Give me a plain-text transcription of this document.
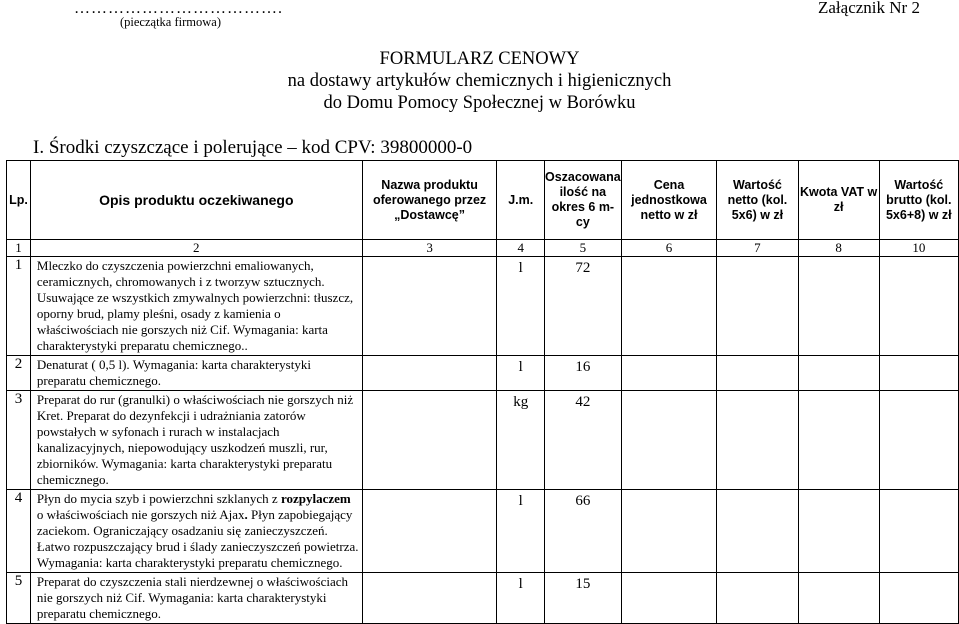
……………………………….
(pieczątka firmowa)
Załącznik Nr 2
FORMULARZ CENOWY
na dostawy artykułów chemicznych i higienicznych
do Domu Pomocy Społecznej w Borówku
I. Środki czyszczące i polerujące – kod CPV: 39800000-0
Lp.	Opis produktu oczekiwanego	Nazwa produktu oferowanego przez „Dostawcę”	J.m.	Oszacowana ilość na okres 6 m-cy	Cena jednostkowa netto w zł	Wartość netto (kol. 5x6) w zł	Kwota VAT w zł	Wartość brutto (kol. 5x6+8) w zł
1	2	3	4	5	6	7	8	10
1	Mleczko do czyszczenia powierzchni emaliowanych, ceramicznych, chromowanych i z tworzyw sztucznych. Usuwające ze wszystkich zmywalnych powierzchni: tłuszcz, oporny brud, plamy pleśni, osady z kamienia o właściwościach nie gorszych niż Cif. Wymagania: karta charakterystyki preparatu chemicznego..		l	72				
2	Denaturat ( 0,5 l). Wymagania: karta charakterystyki preparatu chemicznego.		l	16				
3	Preparat do rur (granulki) o właściwościach nie gorszych niż Kret. Preparat do dezynfekcji i udrażniania zatorów powstałych w syfonach i rurach w instalacjach kanalizacyjnych, niepowodujący uszkodzeń muszli, rur, zbiorników. Wymagania: karta charakterystyki preparatu chemicznego.		kg	42				
4	Płyn do mycia szyb i powierzchni szklanych z rozpylaczem o właściwościach nie gorszych niż Ajax. Płyn zapobiegający zaciekom. Ograniczający osadzaniu się zanieczyszczeń. Łatwo rozpuszczający brud i ślady zanieczyszczeń powietrza. Wymagania: karta charakterystyki preparatu chemicznego.		l	66				
5	Preparat do czyszczenia stali nierdzewnej o właściwościach nie gorszych niż Cif. Wymagania: karta charakterystyki preparatu chemicznego.		l	15				
